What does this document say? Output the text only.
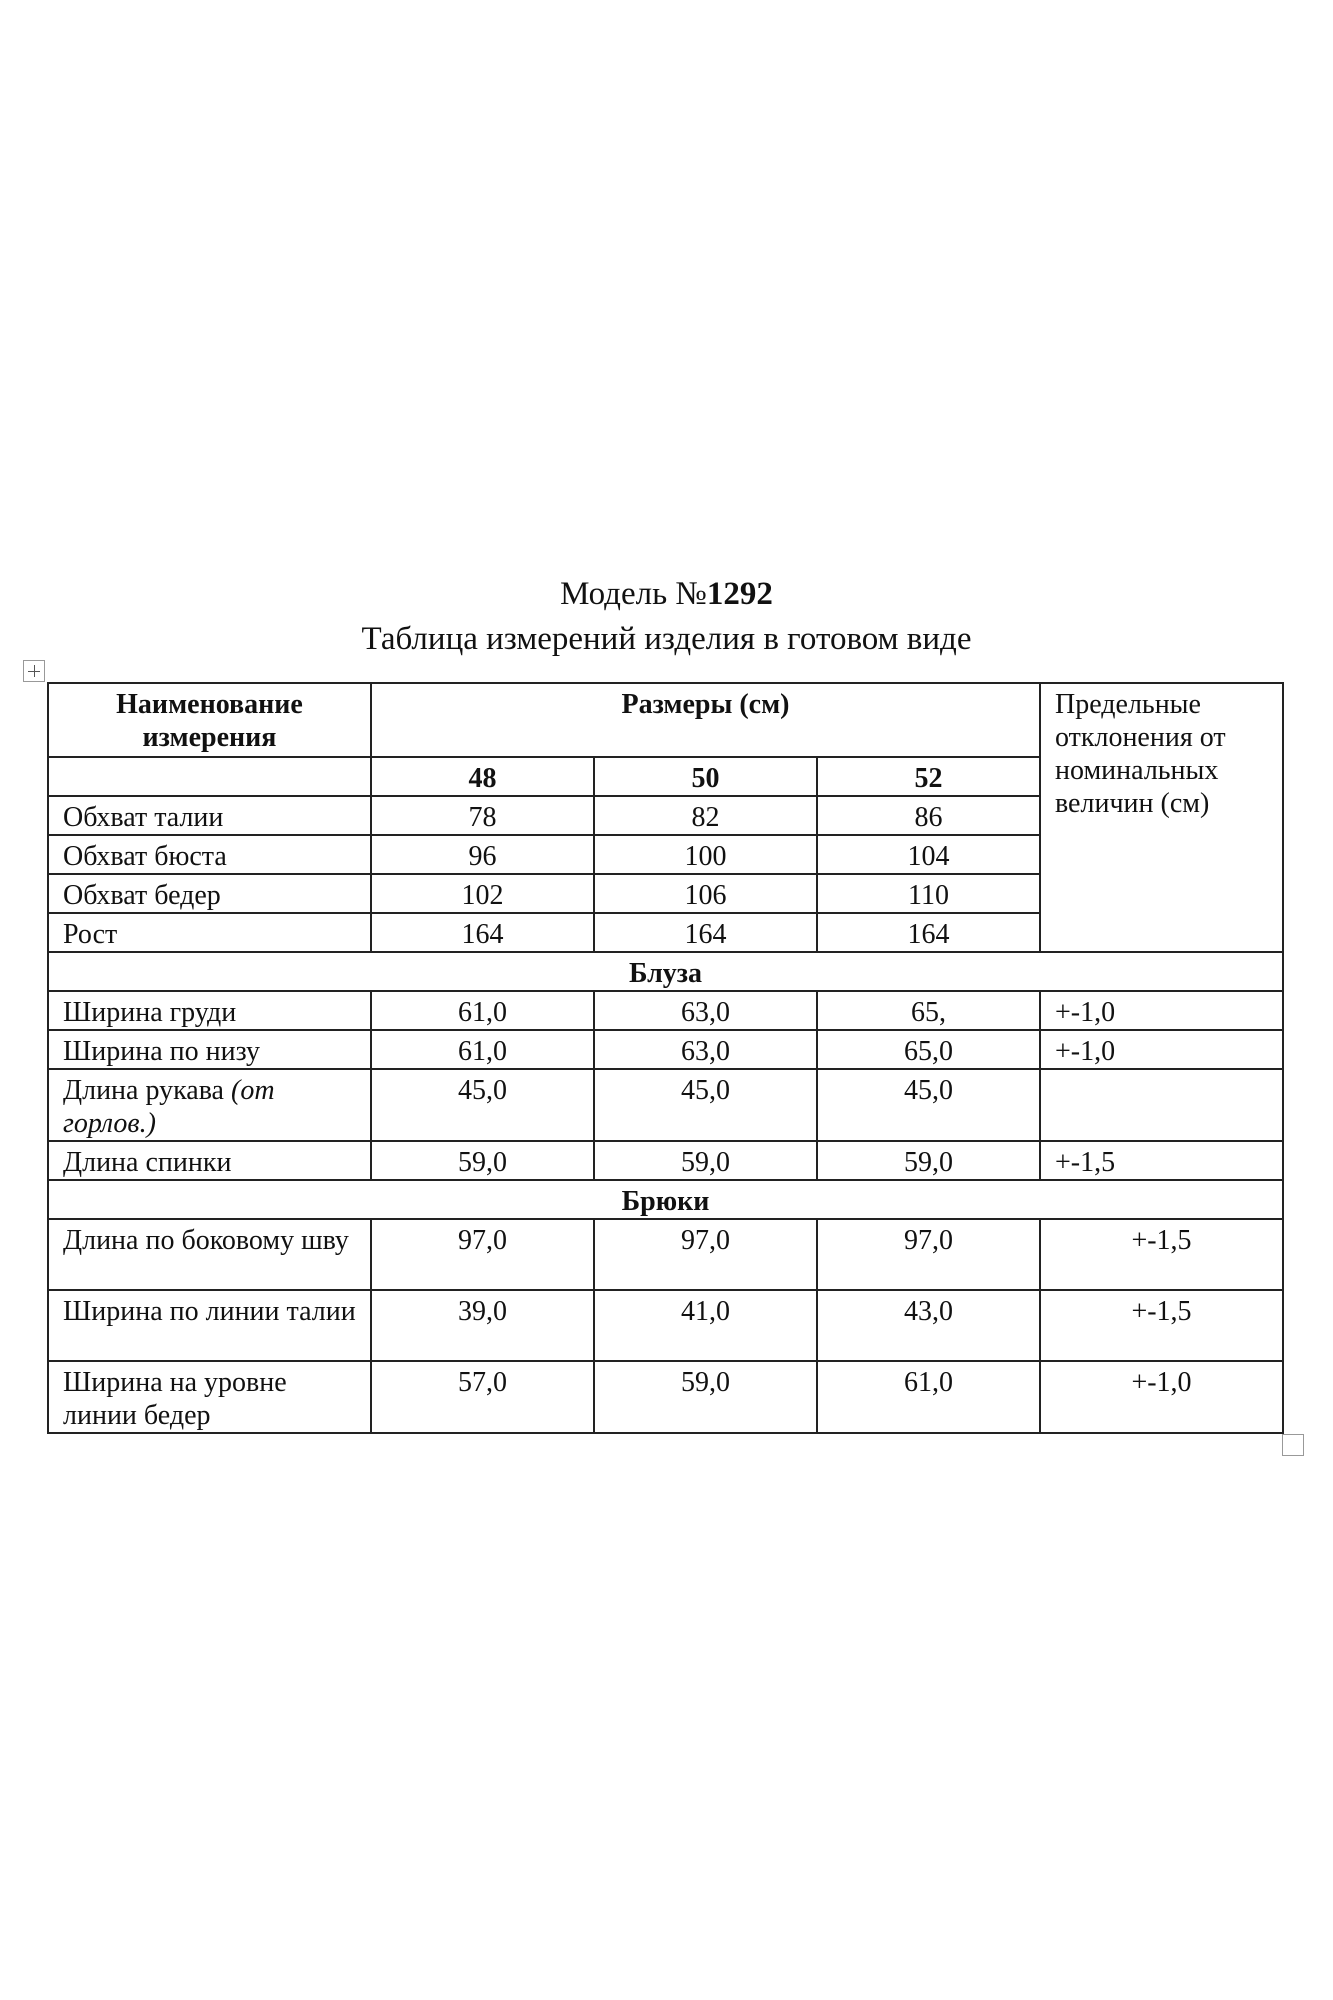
Модель №1292
Таблица измерений изделия в готовом виде
Наименование измерения	Размеры (см)			Предельные отклонения от номинальных величин (см)
	48	50	52	
Обхват талии	78	82	86	
Обхват бюста	96	100	104	
Обхват бедер	102	106	110	
Рост	164	164	164	
Блуза				
Ширина груди	61,0	63,0	65,	+-1,0
Ширина по низу	61,0	63,0	65,0	+-1,0
Длина рукава (от горлов.)	45,0	45,0	45,0	
Длина спинки	59,0	59,0	59,0	+-1,5
Брюки				
Длина по боковому шву	97,0	97,0	97,0	+-1,5
Ширина по линии талии	39,0	41,0	43,0	+-1,5
Ширина на уровне линии бедер	57,0	59,0	61,0	+-1,0
